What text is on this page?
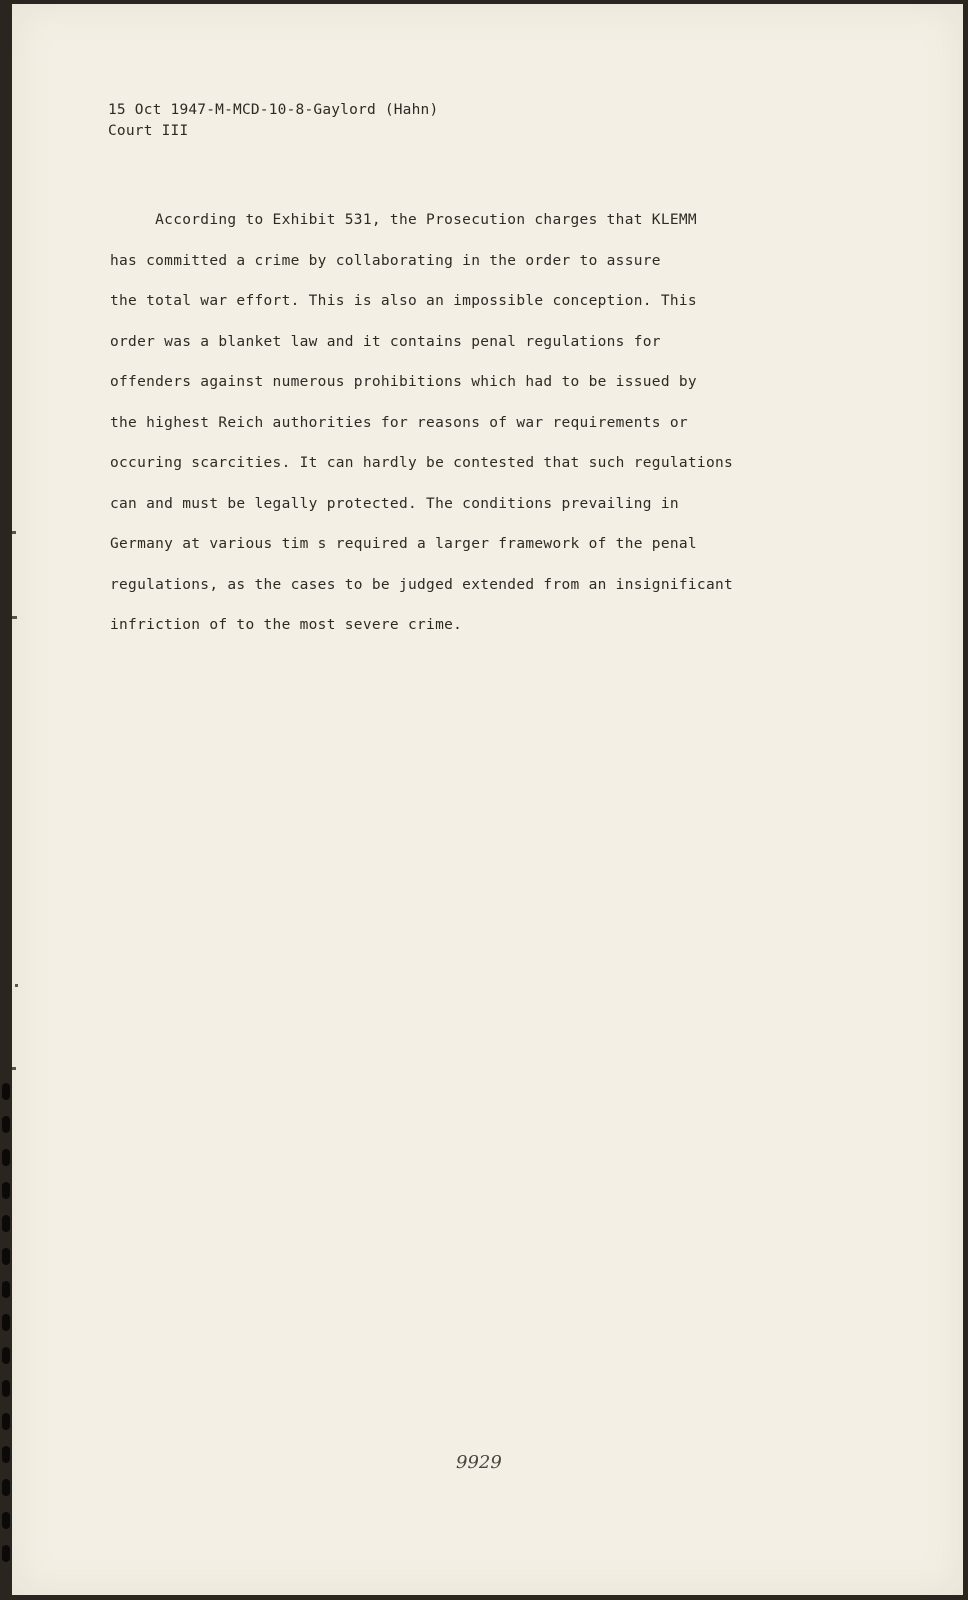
15 Oct 1947-M-MCD-10-8-Gaylord (Hahn)
Court III
According to Exhibit 531, the Prosecution charges that KLEMM
has committed a crime by collaborating in the order to assure
the total war effort. This is also an impossible conception. This
order was a blanket law and it contains penal regulations for
offenders against numerous prohibitions which had to be issued by
the highest Reich authorities for reasons of war requirements or
occuring scarcities. It can hardly be contested that such regulations
can and must be legally protected. The conditions prevailing in
Germany at various tim s required a larger framework of the penal
regulations, as the cases to be judged extended from an insignificant
infriction of to the most severe crime.
9929
